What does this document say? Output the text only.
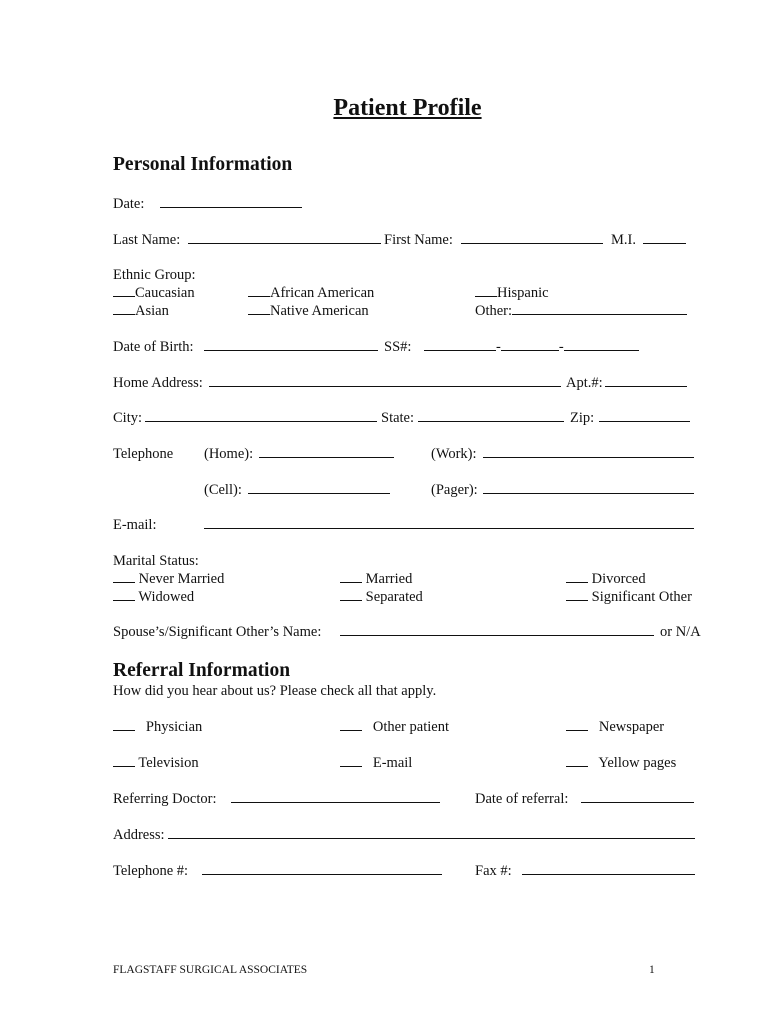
Patient Profile
Personal Information
Date:
Last Name:	First Name:	M.I.
Ethnic Group:
Caucasian	African American	Hispanic
Asian	Native American	Other:
Date of Birth:	SS#:	-	-
Home Address:	Apt.#:
City:	State:	Zip:
Telephone (Home):	(Work):
(Cell):	(Pager):
E-mail:
Marital Status:
Never Married	Married	Divorced
Widowed	Separated	Significant Other
Spouse’s/Significant Other’s Name:	or N/A
Referral Information
How did you hear about us? Please check all that apply.
Physician	Other patient	Newspaper
Television	E-mail	Yellow pages
Referring Doctor:	Date of referral:
Address:
Telephone #:	Fax #:
FLAGSTAFF SURGICAL ASSOCIATES	1
